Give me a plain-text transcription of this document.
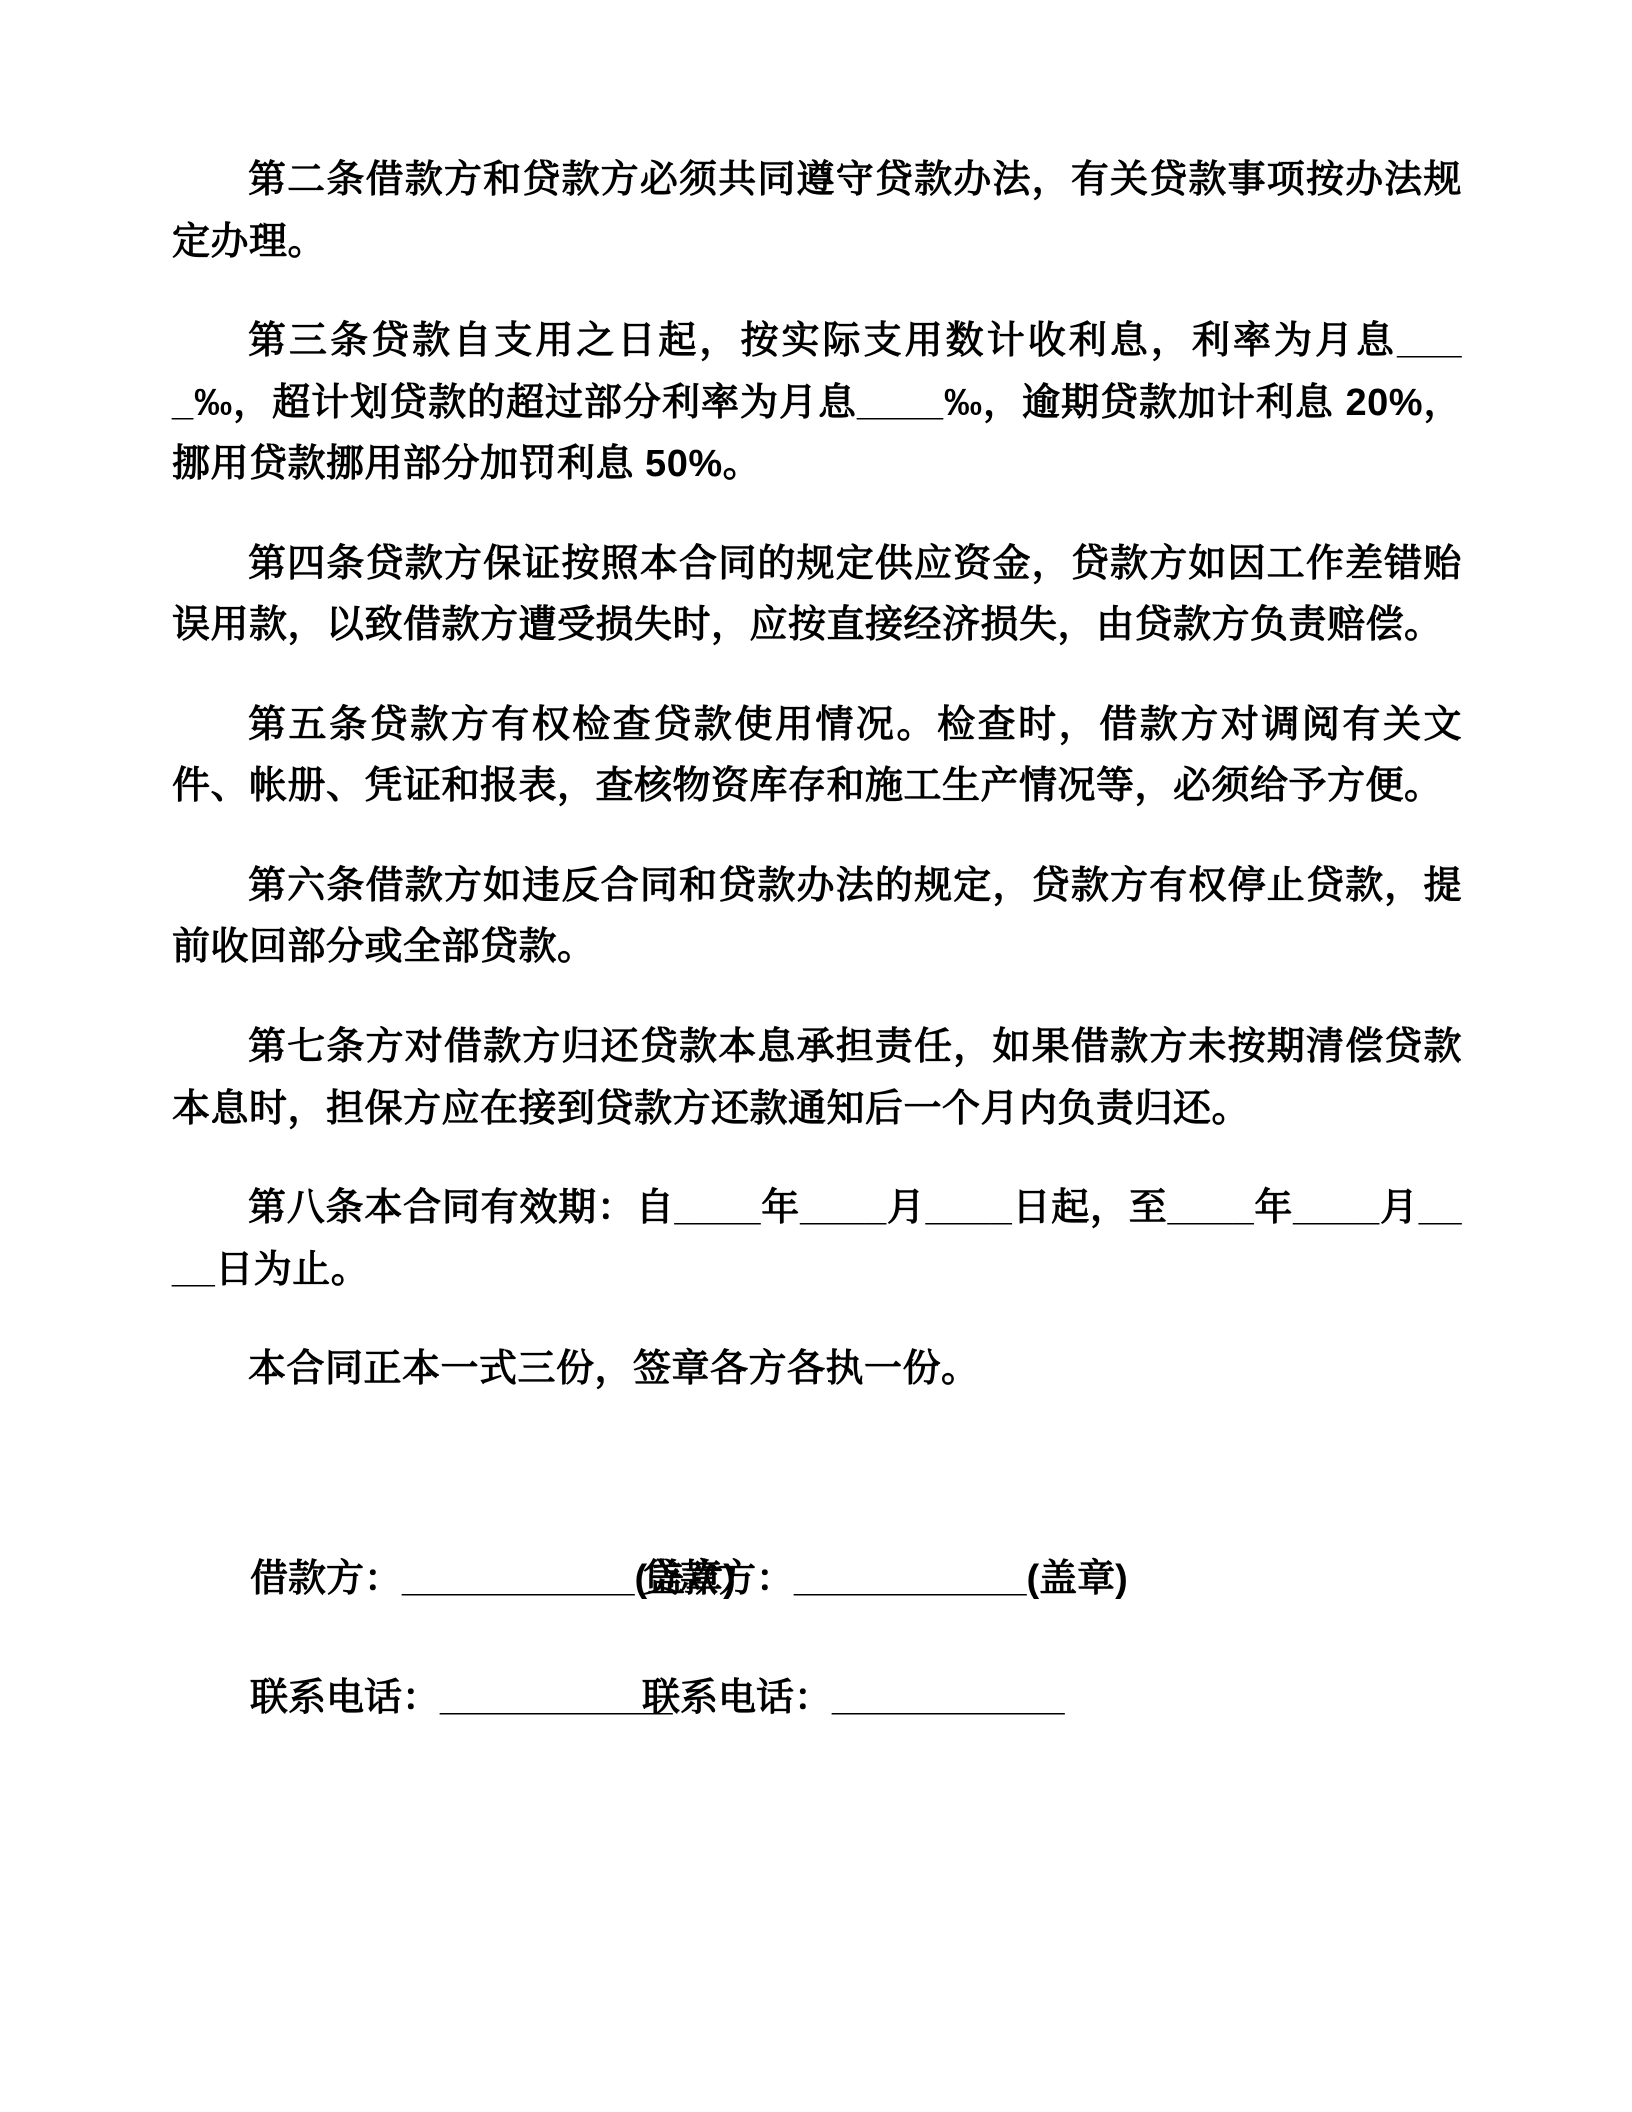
第二条借款方和贷款方必须共同遵守贷款办法，有关贷款事项按办法规定办理。

第三条贷款自支用之日起，按实际支用数计收利息，利率为月息____‰，超计划贷款的超过部分利率为月息____‰，逾期贷款加计利息 20%，挪用贷款挪用部分加罚利息 50%。

第四条贷款方保证按照本合同的规定供应资金，贷款方如因工作差错贻误用款，以致借款方遭受损失时，应按直接经济损失，由贷款方负责赔偿。

第五条贷款方有权检查贷款使用情况。检查时，借款方对调阅有关文件、帐册、凭证和报表，查核物资库存和施工生产情况等，必须给予方便。

第六条借款方如违反合同和贷款办法的规定，贷款方有权停止贷款，提前收回部分或全部贷款。

第七条方对借款方归还贷款本息承担责任，如果借款方未按期清偿贷款本息时，担保方应在接到贷款方还款通知后一个月内负责归还。

第八条本合同有效期：自____年____月____日起，至____年____月____日为止。

本合同正本一式三份，签章各方各执一份。

借款方：___________(盖章)
贷款方：___________(盖章)
联系电话：___________
联系电话：___________
